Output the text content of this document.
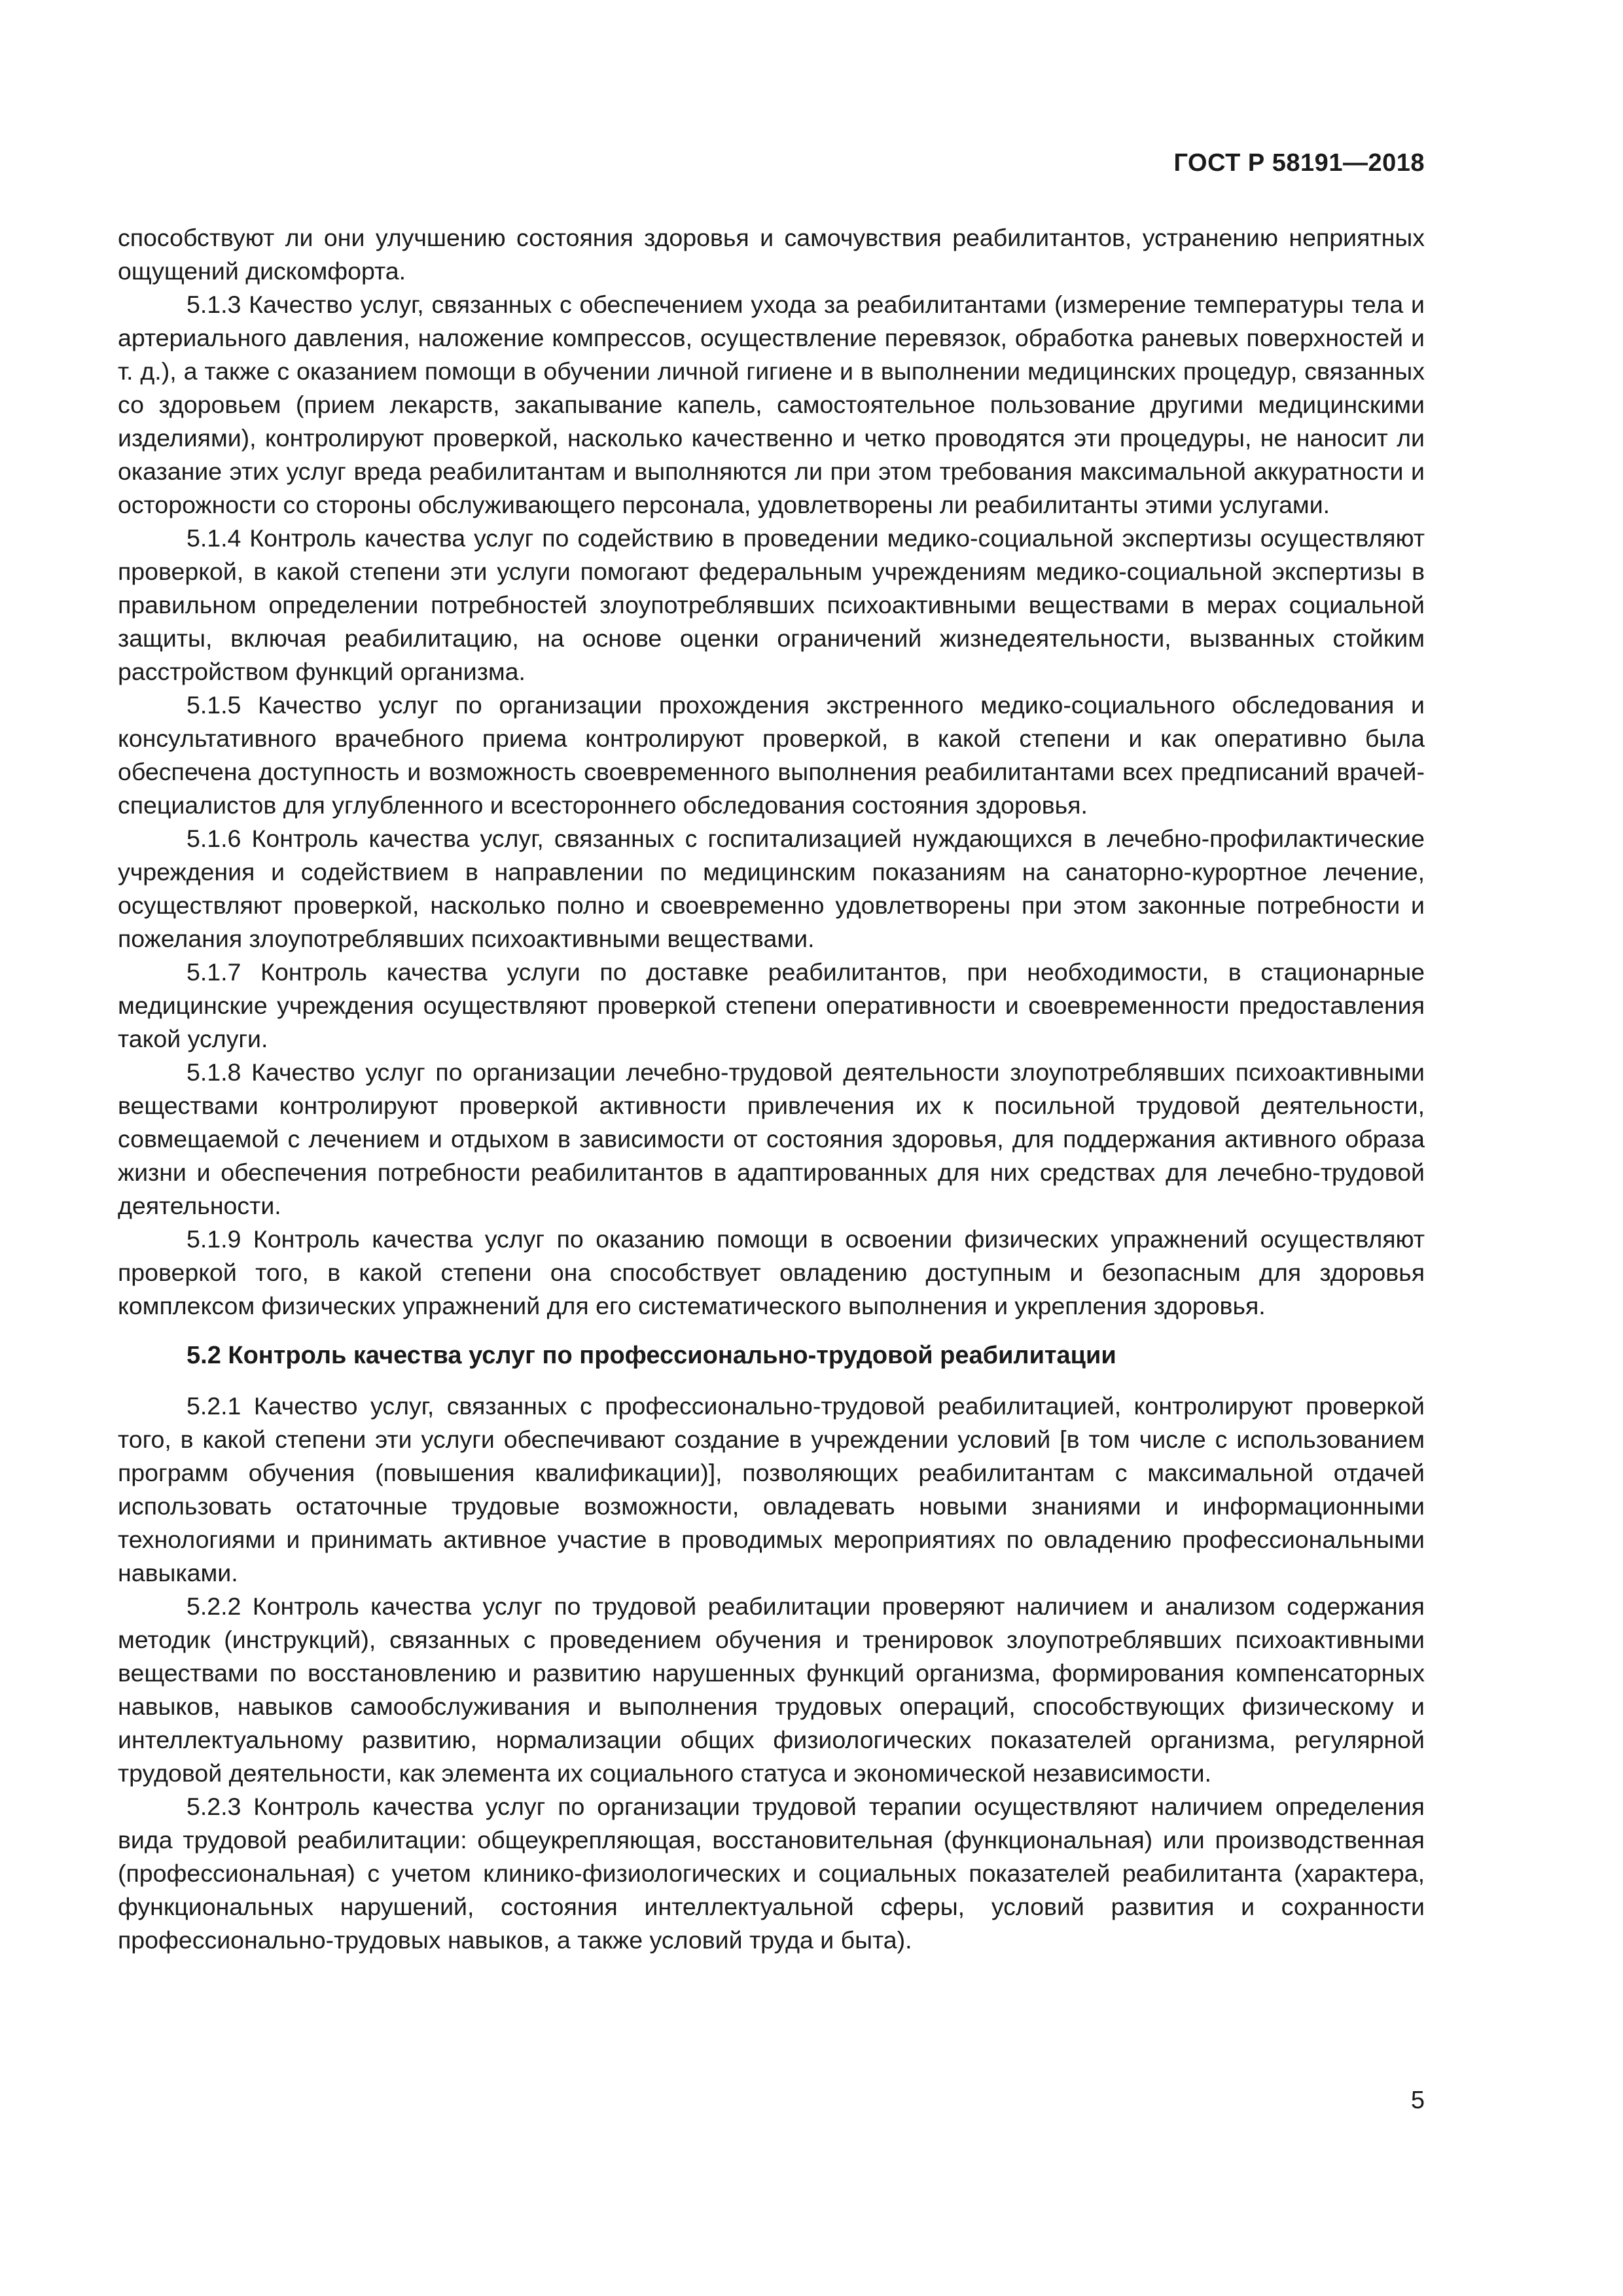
ГОСТ Р 58191—2018

способствуют ли они улучшению состояния здоровья и самочувствия реабилитантов, устранению неприятных ощущений дискомфорта.

5.1.3 Качество услуг, связанных с обеспечением ухода за реабилитантами (измерение температуры тела и артериального давления, наложение компрессов, осуществление перевязок, обработка раневых поверхностей и т. д.), а также с оказанием помощи в обучении личной гигиене и в выполнении медицинских процедур, связанных со здоровьем (прием лекарств, закапывание капель, самостоятельное пользование другими медицинскими изделиями), контролируют проверкой, насколько качественно и четко проводятся эти процедуры, не наносит ли оказание этих услуг вреда реабилитантам и выполняются ли при этом требования максимальной аккуратности и осторожности со стороны обслуживающего персонала, удовлетворены ли реабилитанты этими услугами.

5.1.4 Контроль качества услуг по содействию в проведении медико-социальной экспертизы осуществляют проверкой, в какой степени эти услуги помогают федеральным учреждениям медико-социальной экспертизы в правильном определении потребностей злоупотреблявших психоактивными веществами в мерах социальной защиты, включая реабилитацию, на основе оценки ограничений жизнедеятельности, вызванных стойким расстройством функций организма.

5.1.5 Качество услуг по организации прохождения экстренного медико-социального обследования и консультативного врачебного приема контролируют проверкой, в какой степени и как оперативно была обеспечена доступность и возможность своевременного выполнения реабилитантами всех предписаний врачей-специалистов для углубленного и всестороннего обследования состояния здоровья.

5.1.6 Контроль качества услуг, связанных с госпитализацией нуждающихся в лечебно-профилактические учреждения и содействием в направлении по медицинским показаниям на санаторно-курортное лечение, осуществляют проверкой, насколько полно и своевременно удовлетворены при этом законные потребности и пожелания злоупотреблявших психоактивными веществами.

5.1.7 Контроль качества услуги по доставке реабилитантов, при необходимости, в стационарные медицинские учреждения осуществляют проверкой степени оперативности и своевременности предоставления такой услуги.

5.1.8 Качество услуг по организации лечебно-трудовой деятельности злоупотреблявших психоактивными веществами контролируют проверкой активности привлечения их к посильной трудовой деятельности, совмещаемой с лечением и отдыхом в зависимости от состояния здоровья, для поддержания активного образа жизни и обеспечения потребности реабилитантов в адаптированных для них средствах для лечебно-трудовой деятельности.

5.1.9 Контроль качества услуг по оказанию помощи в освоении физических упражнений осуществляют проверкой того, в какой степени она способствует овладению доступным и безопасным для здоровья комплексом физических упражнений для его систематического выполнения и укрепления здоровья.

5.2 Контроль качества услуг по профессионально-трудовой реабилитации

5.2.1 Качество услуг, связанных с профессионально-трудовой реабилитацией, контролируют проверкой того, в какой степени эти услуги обеспечивают создание в учреждении условий [в том числе с использованием программ обучения (повышения квалификации)], позволяющих реабилитантам с максимальной отдачей использовать остаточные трудовые возможности, овладевать новыми знаниями и информационными технологиями и принимать активное участие в проводимых мероприятиях по овладению профессиональными навыками.

5.2.2 Контроль качества услуг по трудовой реабилитации проверяют наличием и анализом содержания методик (инструкций), связанных с проведением обучения и тренировок злоупотреблявших психоактивными веществами по восстановлению и развитию нарушенных функций организма, формирования компенсаторных навыков, навыков самообслуживания и выполнения трудовых операций, способствующих физическому и интеллектуальному развитию, нормализации общих физиологических показателей организма, регулярной трудовой деятельности, как элемента их социального статуса и экономической независимости.

5.2.3 Контроль качества услуг по организации трудовой терапии осуществляют наличием определения вида трудовой реабилитации: общеукрепляющая, восстановительная (функциональная) или производственная (профессиональная) с учетом клинико-физиологических и социальных показателей реабилитанта (характера, функциональных нарушений, состояния интеллектуальной сферы, условий развития и сохранности профессионально-трудовых навыков, а также условий труда и быта).

5
